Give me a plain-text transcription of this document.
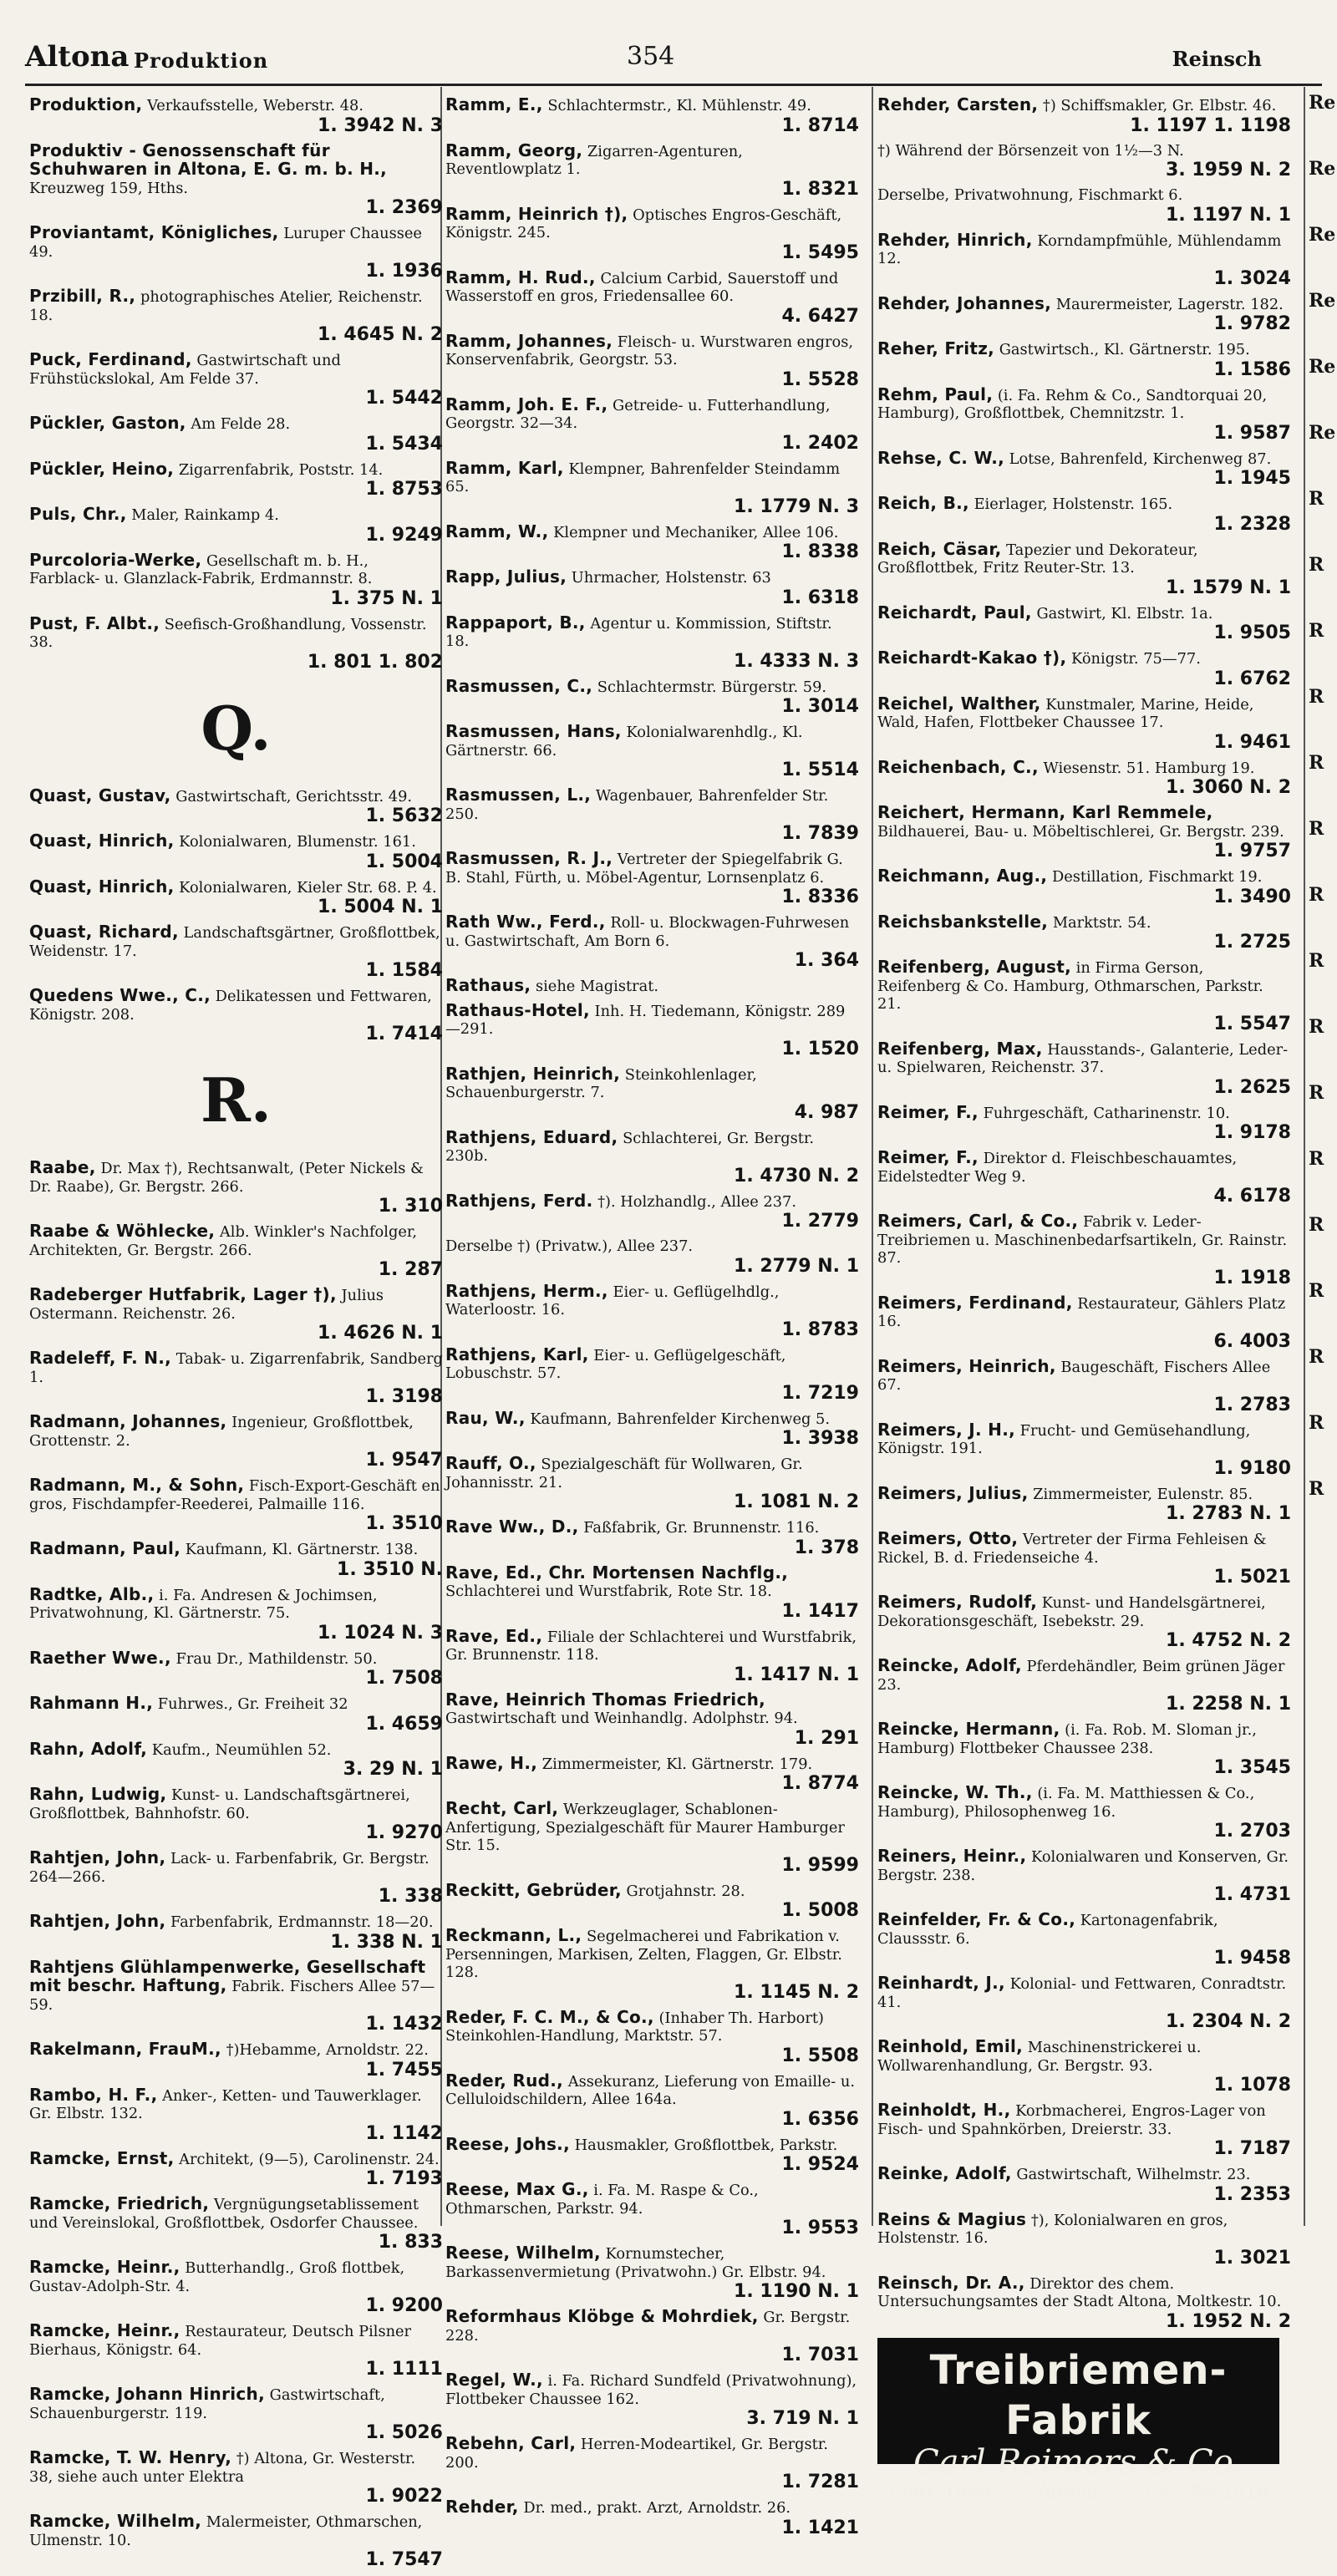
Altona Produktion	354	Reinsch
Re
Re
Re
Re
Re
Re
R
R
R
R
R
R
R
R
R
R
R
R
R
R
R
R
Produktion, Verkaufsstelle, Weberstr. 48.
1. 3942 N. 3
Produktiv - Genossenschaft für Schuhwaren in Altona, E. G. m. b. H., Kreuzweg 159, Hths.
1. 2369
Proviantamt, Königliches, Luruper Chaussee 49.
1. 1936
Przibill, R., photographisches Atelier, Reichenstr. 18.
1. 4645 N. 2
Puck, Ferdinand, Gastwirtschaft und Frühstückslokal, Am Felde 37.
1. 5442
Pückler, Gaston, Am Felde 28.
1. 5434
Pückler, Heino, Zigarrenfabrik, Poststr. 14.
1. 8753
Puls, Chr., Maler, Rainkamp 4.
1. 9249
Purcoloria-Werke, Gesellschaft m. b. H., Farblack- u. Glanzlack-Fabrik, Erdmannstr. 8.
1. 375 N. 1
Pust, F. Albt., Seefisch-Großhandlung, Vossenstr. 38.
1. 801 1. 802
Q.
Quast, Gustav, Gastwirtschaft, Gerichtsstr. 49.
1. 5632
Quast, Hinrich, Kolonialwaren, Blumenstr. 161.
1. 5004
Quast, Hinrich, Kolonialwaren, Kieler Str. 68. P. 4.
1. 5004 N. 1
Quast, Richard, Landschaftsgärtner, Großflottbek, Weidenstr. 17.
1. 1584
Quedens Wwe., C., Delikatessen und Fettwaren, Königstr. 208.
1. 7414
R.
Raabe, Dr. Max †), Rechtsanwalt, (Peter Nickels & Dr. Raabe), Gr. Bergstr. 266.
1. 310
Raabe & Wöhlecke, Alb. Winkler's Nachfolger, Architekten, Gr. Bergstr. 266.
1. 287
Radeberger Hutfabrik, Lager †), Julius Ostermann. Reichenstr. 26.
1. 4626 N. 1
Radeleff, F. N., Tabak- u. Zigarrenfabrik, Sandberg 1.
1. 3198
Radmann, Johannes, Ingenieur, Großflottbek, Grottenstr. 2.
1. 9547
Radmann, M., & Sohn, Fisch-Export-Geschäft en gros, Fischdampfer-Reederei, Palmaille 116.
1. 3510
Radmann, Paul, Kaufmann, Kl. Gärtnerstr. 138.
1. 3510 N.
Radtke, Alb., i. Fa. Andresen & Jochimsen, Privatwohnung, Kl. Gärtnerstr. 75.
1. 1024 N. 3
Raether Wwe., Frau Dr., Mathildenstr. 50.
1. 7508
Rahmann H., Fuhrwes., Gr. Freiheit 32
1. 4659
Rahn, Adolf, Kaufm., Neumühlen 52.
3. 29 N. 1
Rahn, Ludwig, Kunst- u. Landschaftsgärtnerei, Großflottbek, Bahnhofstr. 60.
1. 9270
Rahtjen, John, Lack- u. Farbenfabrik, Gr. Bergstr. 264—266.
1. 338
Rahtjen, John, Farbenfabrik, Erdmannstr. 18—20.
1. 338 N. 1
Rahtjens Glühlampenwerke, Gesellschaft mit beschr. Haftung, Fabrik. Fischers Allee 57—59.
1. 1432
Rakelmann, FrauM., †)Hebamme, Arnoldstr. 22.
1. 7455
Rambo, H. F., Anker-, Ketten- und Tauwerklager. Gr. Elbstr. 132.
1. 1142
Ramcke, Ernst, Architekt, (9—5), Carolinenstr. 24.
1. 7193
Ramcke, Friedrich, Vergnügungsetablissement und Vereinslokal, Großflottbek, Osdorfer Chaussee.
1. 833
Ramcke, Heinr., Butterhandlg., Groß flottbek, Gustav-Adolph-Str. 4.
1. 9200
Ramcke, Heinr., Restaurateur, Deutsch Pilsner Bierhaus, Königstr. 64.
1. 1111
Ramcke, Johann Hinrich, Gastwirtschaft, Schauenburgerstr. 119.
1. 5026
Ramcke, T. W. Henry, †) Altona, Gr. Westerstr. 38, siehe auch unter Elektra
1. 9022
Ramcke, Wilhelm, Malermeister, Othmarschen, Ulmenstr. 10.
1. 7547
Ramm, E., Schlachtermstr., Kl. Mühlenstr. 49.
1. 8714
Ramm, Georg, Zigarren-Agenturen, Reventlowplatz 1.
1. 8321
Ramm, Heinrich †), Optisches Engros-Geschäft, Königstr. 245.
1. 5495
Ramm, H. Rud., Calcium Carbid, Sauerstoff und Wasserstoff en gros, Friedensallee 60.
4. 6427
Ramm, Johannes, Fleisch- u. Wurstwaren engros, Konservenfabrik, Georgstr. 53.
1. 5528
Ramm, Joh. E. F., Getreide- u. Futterhandlung, Georgstr. 32—34.
1. 2402
Ramm, Karl, Klempner, Bahrenfelder Steindamm 65.
1. 1779 N. 3
Ramm, W., Klempner und Mechaniker, Allee 106.
1. 8338
Rapp, Julius, Uhrmacher, Holstenstr. 63
1. 6318
Rappaport, B., Agentur u. Kommission, Stiftstr. 18.
1. 4333 N. 3
Rasmussen, C., Schlachtermstr. Bürgerstr. 59.
1. 3014
Rasmussen, Hans, Kolonialwarenhdlg., Kl. Gärtnerstr. 66.
1. 5514
Rasmussen, L., Wagenbauer, Bahrenfelder Str. 250.
1. 7839
Rasmussen, R. J., Vertreter der Spiegelfabrik G. B. Stahl, Fürth, u. Möbel-Agentur, Lornsenplatz 6.
1. 8336
Rath Ww., Ferd., Roll- u. Blockwagen-Fuhrwesen u. Gastwirtschaft, Am Born 6.
1. 364
Rathaus, siehe Magistrat.
Rathaus-Hotel, Inh. H. Tiedemann, Königstr. 289—291.
1. 1520
Rathjen, Heinrich, Steinkohlenlager, Schauenburgerstr. 7.
4. 987
Rathjens, Eduard, Schlachterei, Gr. Bergstr. 230b.
1. 4730 N. 2
Rathjens, Ferd. †). Holzhandlg., Allee 237.
1. 2779
Derselbe †) (Privatw.), Allee 237.
1. 2779 N. 1
Rathjens, Herm., Eier- u. Geflügelhdlg., Waterloostr. 16.
1. 8783
Rathjens, Karl, Eier- u. Geflügelgeschäft, Lobuschstr. 57.
1. 7219
Rau, W., Kaufmann, Bahrenfelder Kirchenweg 5.
1. 3938
Rauff, O., Spezialgeschäft für Wollwaren, Gr. Johannisstr. 21.
1. 1081 N. 2
Rave Ww., D., Faßfabrik, Gr. Brunnenstr. 116.
1. 378
Rave, Ed., Chr. Mortensen Nachflg., Schlachterei und Wurstfabrik, Rote Str. 18.
1. 1417
Rave, Ed., Filiale der Schlachterei und Wurstfabrik, Gr. Brunnenstr. 118.
1. 1417 N. 1
Rave, Heinrich Thomas Friedrich, Gastwirtschaft und Weinhandlg. Adolphstr. 94.
1. 291
Rawe, H., Zimmermeister, Kl. Gärtnerstr. 179.
1. 8774
Recht, Carl, Werkzeuglager, Schablonen-Anfertigung, Spezialgeschäft für Maurer Hamburger Str. 15.
1. 9599
Reckitt, Gebrüder, Grotjahnstr. 28.
1. 5008
Reckmann, L., Segelmacherei und Fabrikation v. Persenningen, Markisen, Zelten, Flaggen, Gr. Elbstr. 128.
1. 1145 N. 2
Reder, F. C. M., & Co., (Inhaber Th. Harbort) Steinkohlen-Handlung, Marktstr. 57.
1. 5508
Reder, Rud., Assekuranz, Lieferung von Emaille- u. Celluloidschildern, Allee 164a.
1. 6356
Reese, Johs., Hausmakler, Großflottbek, Parkstr.
1. 9524
Reese, Max G., i. Fa. M. Raspe & Co., Othmarschen, Parkstr. 94.
1. 9553
Reese, Wilhelm, Kornumstecher, Barkassenvermietung (Privatwohn.) Gr. Elbstr. 94.
1. 1190 N. 1
Reformhaus Klöbge & Mohrdiek, Gr. Bergstr. 228.
1. 7031
Regel, W., i. Fa. Richard Sundfeld (Privatwohnung), Flottbeker Chaussee 162.
3. 719 N. 1
Rebehn, Carl, Herren-Modeartikel, Gr. Bergstr. 200.
1. 7281
Rehder, Dr. med., prakt. Arzt, Arnoldstr. 26.
1. 1421
Rehder, Carsten, †) Schiffsmakler, Gr. Elbstr. 46.
1. 1197 1. 1198
†) Während der Börsenzeit von 1½—3 N.
3. 1959 N. 2
Derselbe, Privatwohnung, Fischmarkt 6.
1. 1197 N. 1
Rehder, Hinrich, Korndampfmühle, Mühlendamm 12.
1. 3024
Rehder, Johannes, Maurermeister, Lagerstr. 182.
1. 9782
Reher, Fritz, Gastwirtsch., Kl. Gärtnerstr. 195.
1. 1586
Rehm, Paul, (i. Fa. Rehm & Co., Sandtorquai 20, Hamburg), Großflottbek, Chemnitzstr. 1.
1. 9587
Rehse, C. W., Lotse, Bahrenfeld, Kirchenweg 87.
1. 1945
Reich, B., Eierlager, Holstenstr. 165.
1. 2328
Reich, Cäsar, Tapezier und Dekorateur, Großflottbek, Fritz Reuter-Str. 13.
1. 1579 N. 1
Reichardt, Paul, Gastwirt, Kl. Elbstr. 1a.
1. 9505
Reichardt-Kakao †), Königstr. 75—77.
1. 6762
Reichel, Walther, Kunstmaler, Marine, Heide, Wald, Hafen, Flottbeker Chaussee 17.
1. 9461
Reichenbach, C., Wiesenstr. 51. Hamburg 19.
1. 3060 N. 2
Reichert, Hermann, Karl Remmele, Bildhauerei, Bau- u. Möbeltischlerei, Gr. Bergstr. 239.
1. 9757
Reichmann, Aug., Destillation, Fischmarkt 19.
1. 3490
Reichsbankstelle, Marktstr. 54.
1. 2725
Reifenberg, August, in Firma Gerson, Reifenberg & Co. Hamburg, Othmarschen, Parkstr. 21.
1. 5547
Reifenberg, Max, Hausstands-, Galanterie, Leder- u. Spielwaren, Reichenstr. 37.
1. 2625
Reimer, F., Fuhrgeschäft, Catharinenstr. 10.
1. 9178
Reimer, F., Direktor d. Fleischbeschauamtes, Eidelstedter Weg 9.
4. 6178
Reimers, Carl, & Co., Fabrik v. Leder-Treibriemen u. Maschinenbedarfsartikeln, Gr. Rainstr. 87.
1. 1918
Reimers, Ferdinand, Restaurateur, Gählers Platz 16.
6. 4003
Reimers, Heinrich, Baugeschäft, Fischers Allee 67.
1. 2783
Reimers, J. H., Frucht- und Gemüsehandlung, Königstr. 191.
1. 9180
Reimers, Julius, Zimmermeister, Eulenstr. 85.
1. 2783 N. 1
Reimers, Otto, Vertreter der Firma Fehleisen & Rickel, B. d. Friedenseiche 4.
1. 5021
Reimers, Rudolf, Kunst- und Handelsgärtnerei, Dekorationsgeschäft, Isebekstr. 29.
1. 4752 N. 2
Reincke, Adolf, Pferdehändler, Beim grünen Jäger 23.
1. 2258 N. 1
Reincke, Hermann, (i. Fa. Rob. M. Sloman jr., Hamburg) Flottbeker Chaussee 238.
1. 3545
Reincke, W. Th., (i. Fa. M. Matthiessen & Co., Hamburg), Philosophenweg 16.
1. 2703
Reiners, Heinr., Kolonialwaren und Konserven, Gr. Bergstr. 238.
1. 4731
Reinfelder, Fr. & Co., Kartonagenfabrik, Claussstr. 6.
1. 9458
Reinhardt, J., Kolonial- und Fettwaren, Conradtstr. 41.
1. 2304 N. 2
Reinhold, Emil, Maschinenstrickerei u. Wollwarenhandlung, Gr. Bergstr. 93.
1. 1078
Reinholdt, H., Korbmacherei, Engros-Lager von Fisch- und Spahnkörben, Dreierstr. 33.
1. 7187
Reinke, Adolf, Gastwirtschaft, Wilhelmstr. 23.
1. 2353
Reins & Magius †), Kolonialwaren en gros, Holstenstr. 16.
1. 3021
Reinsch, Dr. A., Direktor des chem. Untersuchungsamtes der Stadt Altona, Moltkestr. 10.
1. 1952 N. 2
Treibriemen-Fabrik
Carl Reimers & Co.
Gegr. 1869	Altona	Gr. I Nº 1918
